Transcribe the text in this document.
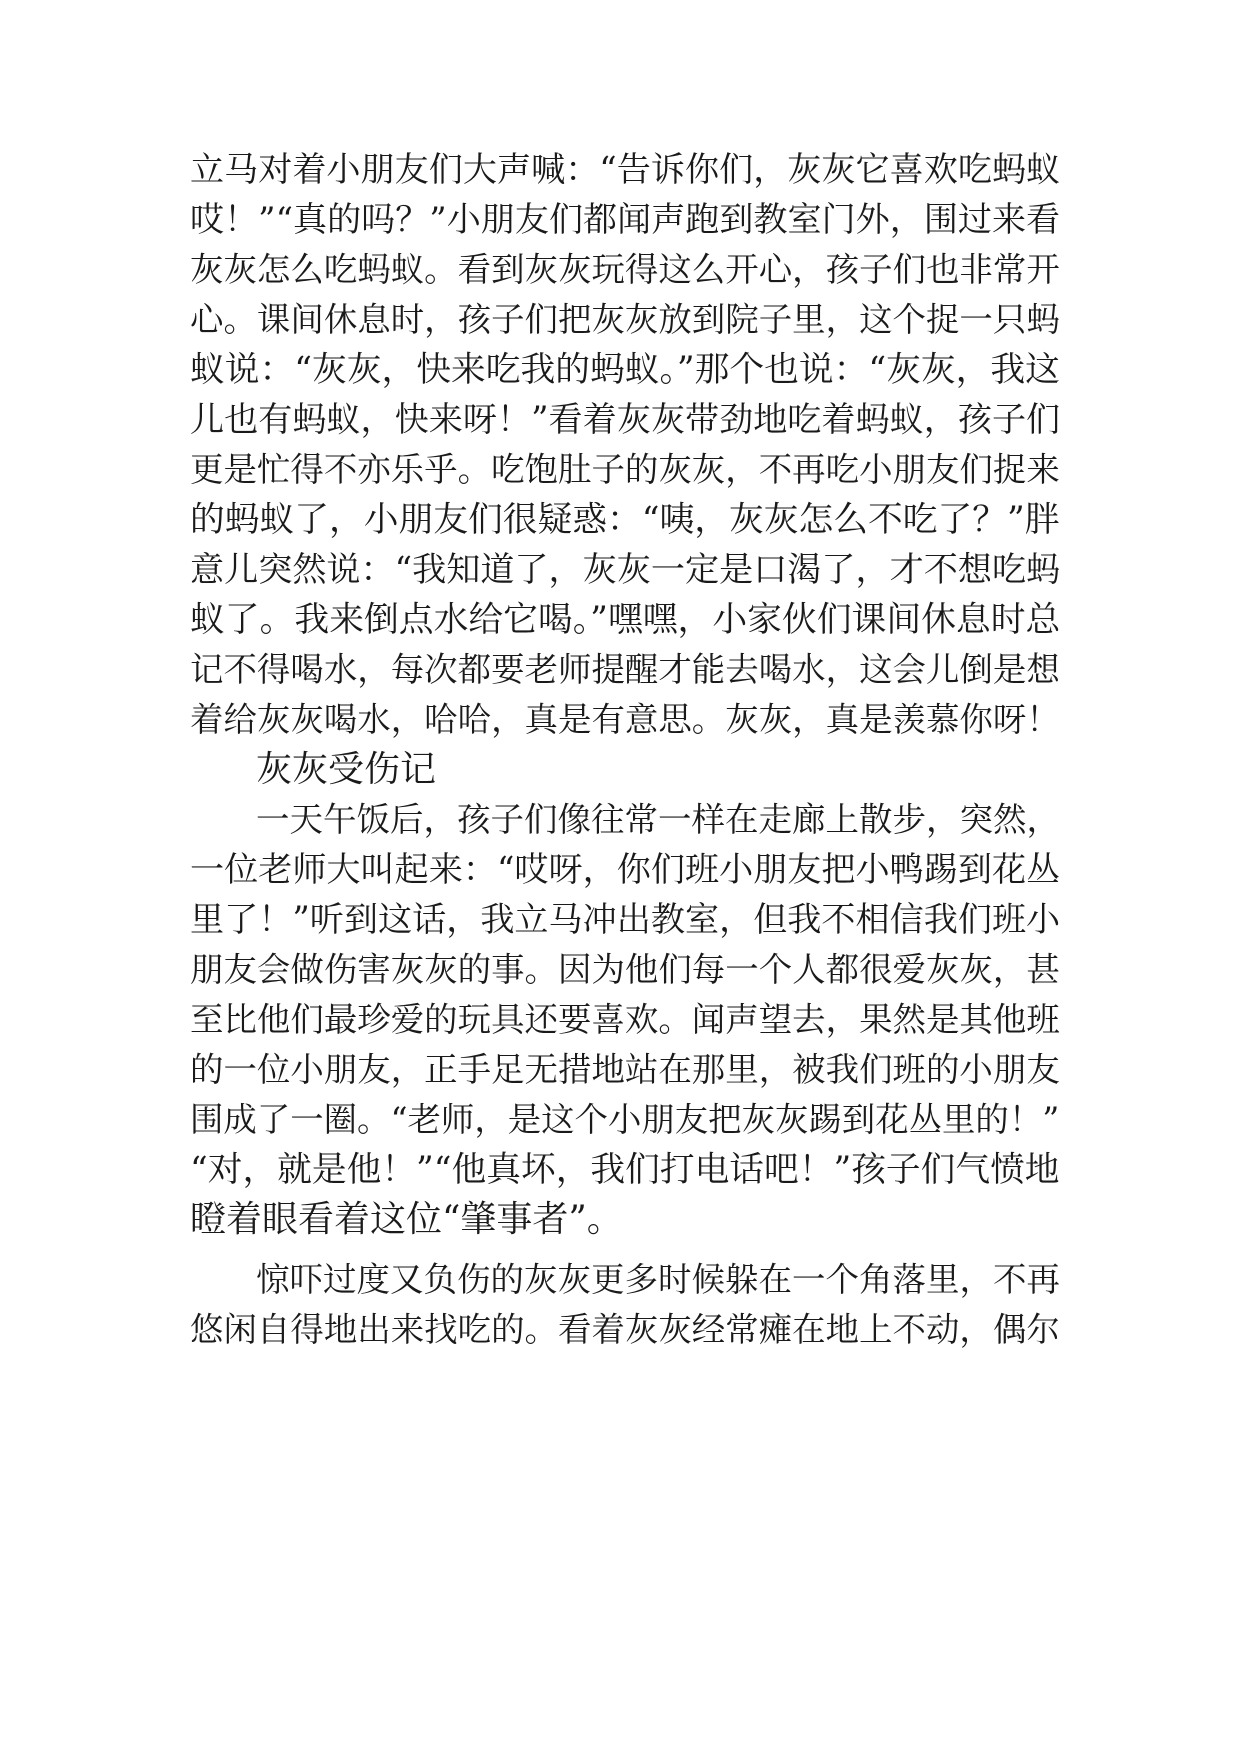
立马对着小朋友们大声喊：“告诉你们，灰灰它喜欢吃蚂蚁
哎！”“真的吗？”小朋友们都闻声跑到教室门外，围过来看
灰灰怎么吃蚂蚁。看到灰灰玩得这么开心，孩子们也非常开
心。课间休息时，孩子们把灰灰放到院子里，这个捉一只蚂
蚁说：“灰灰，快来吃我的蚂蚁。”那个也说：“灰灰，我这
儿也有蚂蚁，快来呀！”看着灰灰带劲地吃着蚂蚁，孩子们
更是忙得不亦乐乎。吃饱肚子的灰灰，不再吃小朋友们捉来
的蚂蚁了，小朋友们很疑惑：“咦，灰灰怎么不吃了？”胖
意儿突然说：“我知道了，灰灰一定是口渴了，才不想吃蚂
蚁了。我来倒点水给它喝。”嘿嘿，小家伙们课间休息时总
记不得喝水，每次都要老师提醒才能去喝水，这会儿倒是想
着给灰灰喝水，哈哈，真是有意思。灰灰，真是羡慕你呀！
灰灰受伤记
一天午饭后，孩子们像往常一样在走廊上散步，突然，
一位老师大叫起来：“哎呀，你们班小朋友把小鸭踢到花丛
里了！”听到这话，我立马冲出教室，但我不相信我们班小
朋友会做伤害灰灰的事。因为他们每一个人都很爱灰灰，甚
至比他们最珍爱的玩具还要喜欢。闻声望去，果然是其他班
的一位小朋友，正手足无措地站在那里，被我们班的小朋友
围成了一圈。“老师，是这个小朋友把灰灰踢到花丛里的！”
“对，就是他！”“他真坏，我们打电话吧！”孩子们气愤地
瞪着眼看着这位“肇事者”。
惊吓过度又负伤的灰灰更多时候躲在一个角落里，不再
悠闲自得地出来找吃的。看着灰灰经常瘫在地上不动，偶尔
